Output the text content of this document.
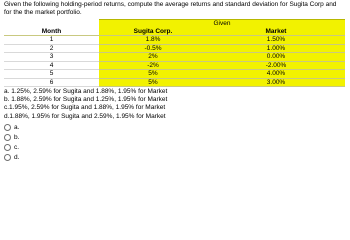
Given the following holding-period returns, compute the average returns and standard deviation for Sugita Corp and for the the market portfolio.

	Given	
Month	Sugita Corp.	Market
1	1.8%	1.50%
2	-0.5%	1.00%
3	2%	0.00%
4	-2%	-2.00%
5	5%	4.00%
6	5%	3.00%
a. 1.25%, 2.59% for Sugita and 1.88%, 1.95% for Market
b. 1.88%, 2.59% for Sugita and 1.25%, 1.95% for Market
c.1.95%, 2.59% for Sugita and 1.88%, 1.95% for Market
d.1.88%, 1.95% for Sugita and 2.59%, 1.95% for Market
a.
b.
c.
d.
